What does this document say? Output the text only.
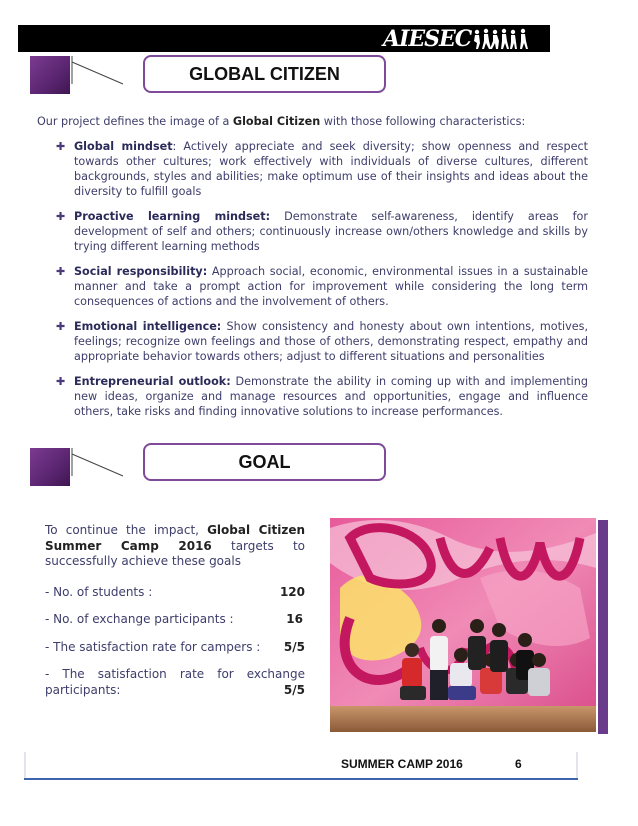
AIESEC
GLOBAL CITIZEN
Our project defines the image of a Global Citizen with those following characteristics:
✚ Global mindset: Actively appreciate and seek diversity; show openness and respect towards other cultures; work effectively with individuals of diverse cultures, different backgrounds, styles and abilities; make optimum use of their insights and ideas about the diversity to fulfill goals
✚ Proactive learning mindset: Demonstrate self-awareness, identify areas for development of self and others; continuously increase own/others knowledge and skills by trying different learning methods
✚ Social responsibility: Approach social, economic, environmental issues in a sustainable manner and take a prompt action for improvement while considering the long term consequences of actions and the involvement of others.
✚ Emotional intelligence: Show consistency and honesty about own intentions, motives, feelings; recognize own feelings and those of others, demonstrating respect, empathy and appropriate behavior towards others; adjust to different situations and personalities
✚ Entrepreneurial outlook: Demonstrate the ability in coming up with and implementing new ideas, organize and manage resources and opportunities, engage and influence others, take risks and finding innovative solutions to increase performances.
GOAL

To continue the impact, Global Citizen Summer Camp 2016 targets to successfully achieve these goals

- No. of students :	120
- No. of exchange participants :	16
- The satisfaction rate for campers : 5/5
- The satisfaction rate for exchange participants:	5/5
SUMMER CAMP 2016	6
